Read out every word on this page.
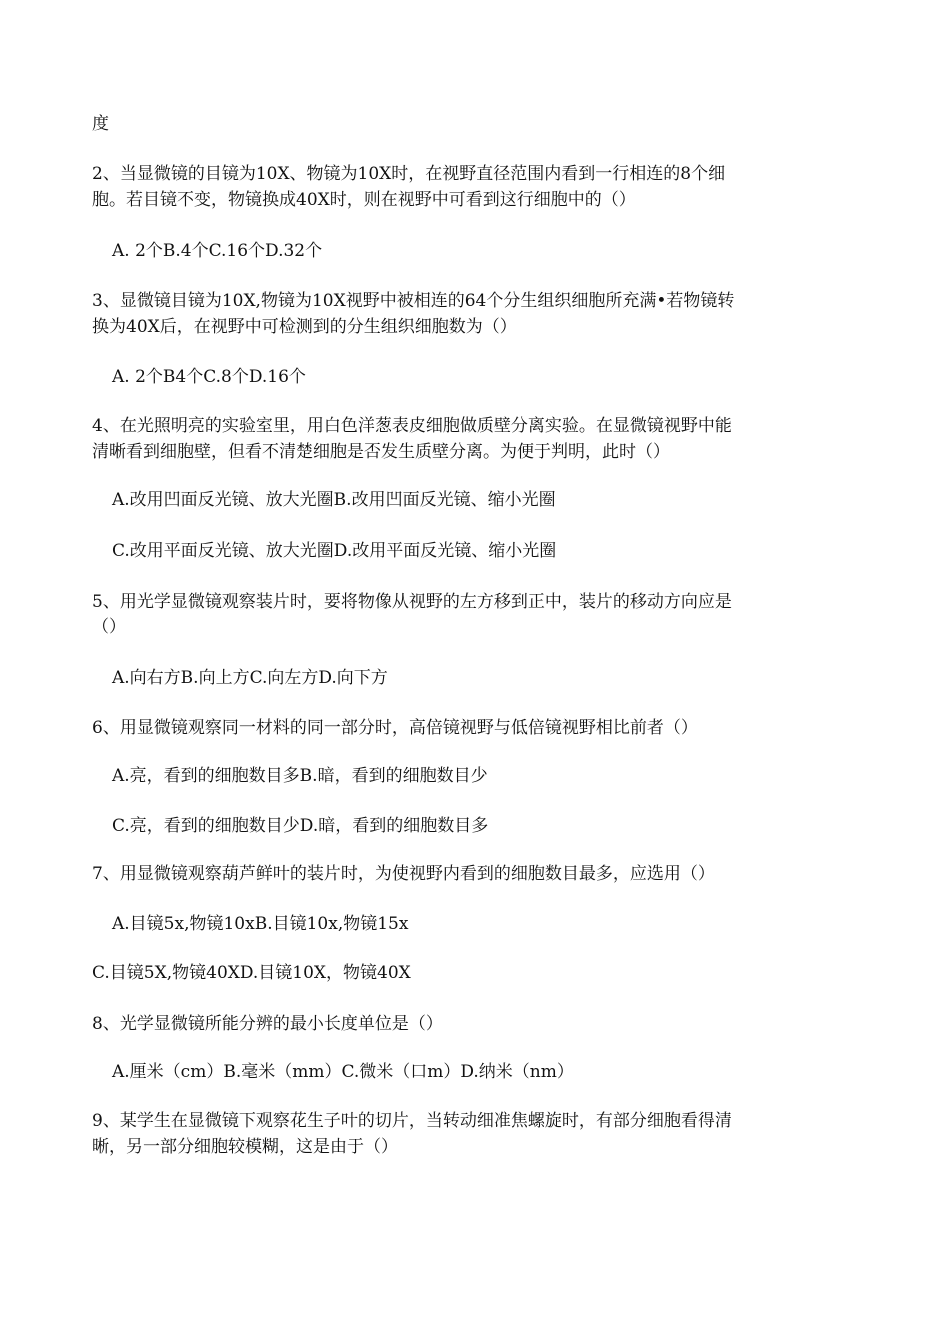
度
2、当显微镜的目镜为10X、物镜为10X时，在视野直径范围内看到一行相连的8个细
胞。若目镜不变，物镜换成40X时，则在视野中可看到这行细胞中的（）
A. 2个B.4个C.16个D.32个
3、显微镜目镜为10X,物镜为10X视野中被相连的64个分生组织细胞所充满•若物镜转
换为40X后，在视野中可检测到的分生组织细胞数为（）
A. 2个B4个C.8个D.16个
4、在光照明亮的实验室里，用白色洋葱表皮细胞做质壁分离实验。在显微镜视野中能
清晰看到细胞壁，但看不清楚细胞是否发生质壁分离。为便于判明，此时（）
A.改用凹面反光镜、放大光圈B.改用凹面反光镜、缩小光圈
C.改用平面反光镜、放大光圈D.改用平面反光镜、缩小光圈
5、用光学显微镜观察装片时，要将物像从视野的左方移到正中，装片的移动方向应是
（）
A.向右方B.向上方C.向左方D.向下方
6、用显微镜观察同一材料的同一部分时，高倍镜视野与低倍镜视野相比前者（）
A.亮，看到的细胞数目多B.暗，看到的细胞数目少
C.亮，看到的细胞数目少D.暗，看到的细胞数目多
7、用显微镜观察葫芦鲜叶的装片时，为使视野内看到的细胞数目最多，应选用（）
A.目镜5x,物镜10xB.目镜10x,物镜15x
C.目镜5X,物镜40XD.目镜10X，物镜40X
8、光学显微镜所能分辨的最小长度单位是（）
A.厘米（cm）B.毫米（mm）C.微米（口m）D.纳米（nm）
9、某学生在显微镜下观察花生子叶的切片，当转动细准焦螺旋时，有部分细胞看得清
晰，另一部分细胞较模糊，这是由于（）
